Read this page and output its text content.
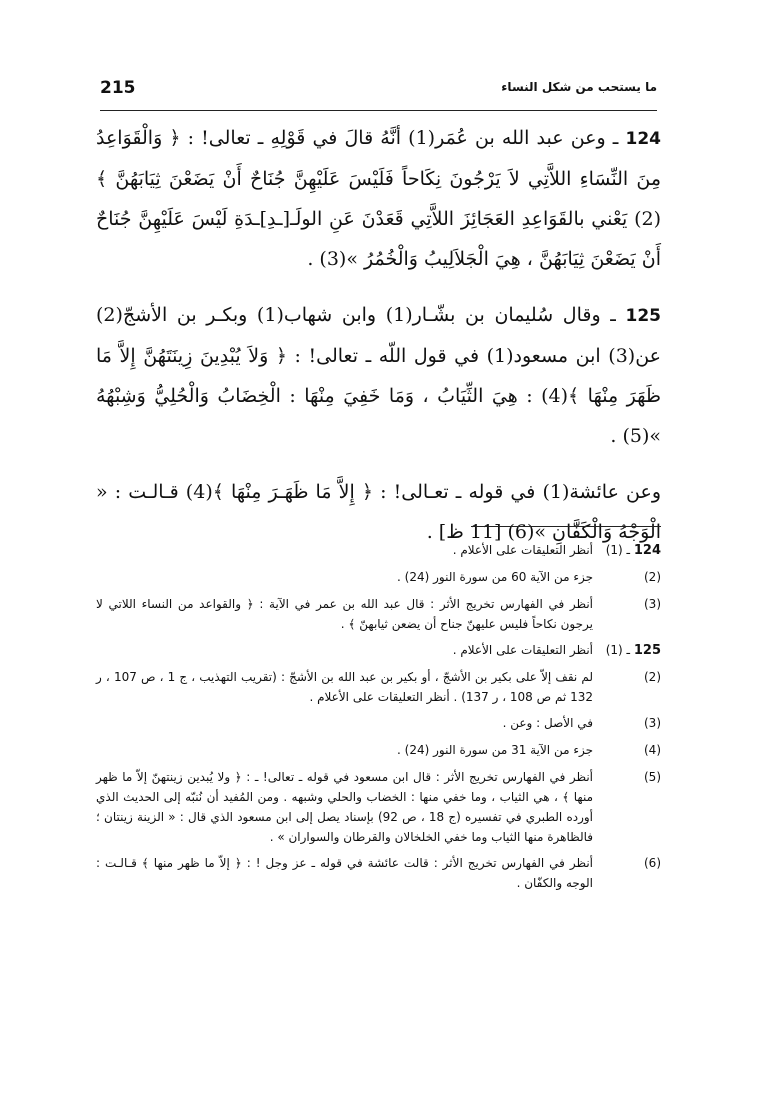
215	ما يستحب من شكل النساء

124 ـ وعن عبد الله بن عُمَر(1) أنَّهُ قالَ في قَوْلِهِ ـ تعالى! : ﴿ وَالْقَوَاعِدُ مِنَ النِّسَاءِ اللاَّتِي لاَ يَرْجُونَ نِكَاحاً فَلَيْسَ عَلَيْهِنَّ جُنَاحٌ أَنْ يَضَعْنَ ثِيَابَهُنَّ ﴾(2) يَعْني بالقَوَاعِدِ العَجَائِزَ اللاَّتِي قَعَدْنَ عَنِ الولَـ[ـدِ]ـدَةِ لَيْسَ عَلَيْهِنَّ جُنَاحٌ أَنْ يَضَعْنَ ثِيَابَهُنَّ ، هِيَ الْجَلاَلِيبُ وَالْخُمُرُ »(3) .

125 ـ وقال سُليمان بن بشّـار(1) وابن شهاب(1) وبكـر بن الأشجّ(2) عن(3) ابن مسعود(1) في قول اللّه ـ تعالى! : ﴿ وَلاَ يُبْدِينَ زِينَتَهُنَّ إِلاَّ مَا ظَهَرَ مِنْهَا ﴾(4) : هِيَ الثِّيَابُ ، وَمَا خَفِيَ مِنْهَا : الْخِضَابُ وَالْحُلِيُّ وَشِبْهُهُ »(5) .

وعن عائشة(1) في قوله ـ تعـالى! : ﴿ إِلاَّ مَا ظَهَـرَ مِنْهَا ﴾(4) قـالـت : « الْوَجْهُ وَالْكَفَّانِ »(6) [11 ظ] .

124 ـ (1)
أنظر التعليقات على الأعلام .
(2)
جزء من الآية 60 من سورة النور (24) .
(3)
أنظر في الفهارس تخريج الأثر : قال عبد الله بن عمر في الآية : ﴿ والقواعد من النساء اللاتي لا يرجون نكاحاً فليس عليهنّ جناح أن يضعن ثيابهنّ ﴾ .
125 ـ (1)
أنظر التعليقات على الأعلام .
(2)
لم نقف إلاّ على بكير بن الأشجّ ، أو بكير بن عبد الله بن الأشجّ : (تقريب التهذيب ، ج 1 ، ص 107 ، ر 132 ثم ص 108 ، ر 137) . أنظر التعليقات على الأعلام .
(3)
في الأصل : وعن .
(4)
جزء من الآية 31 من سورة النور (24) .
(5)
أنظر في الفهارس تخريج الأثر : قال ابن مسعود في قوله ـ تعالى! ـ : ﴿ ولا يُبدين زينتهنّ إلاّ ما ظهر منها ﴾ ، هي الثياب ، وما خفي منها : الخضاب والحلي وشبهه . ومن المُفيد أن نُنبّه إلى الحديث الذي أورده الطبري في تفسيره (ج 18 ، ص 92) بإسناد يصل إلى ابن مسعود الذي قال : « الزينة زينتان ؛ فالظاهرة منها الثياب وما خفي الخلخالان والقرطان والسواران » .
(6)
أنظر في الفهارس تخريج الأثر : قالت عائشة في قوله ـ عز وجل ! : ﴿ إلاّ ما ظهر منها ﴾ قـالـت : الوجه والكفّان .
